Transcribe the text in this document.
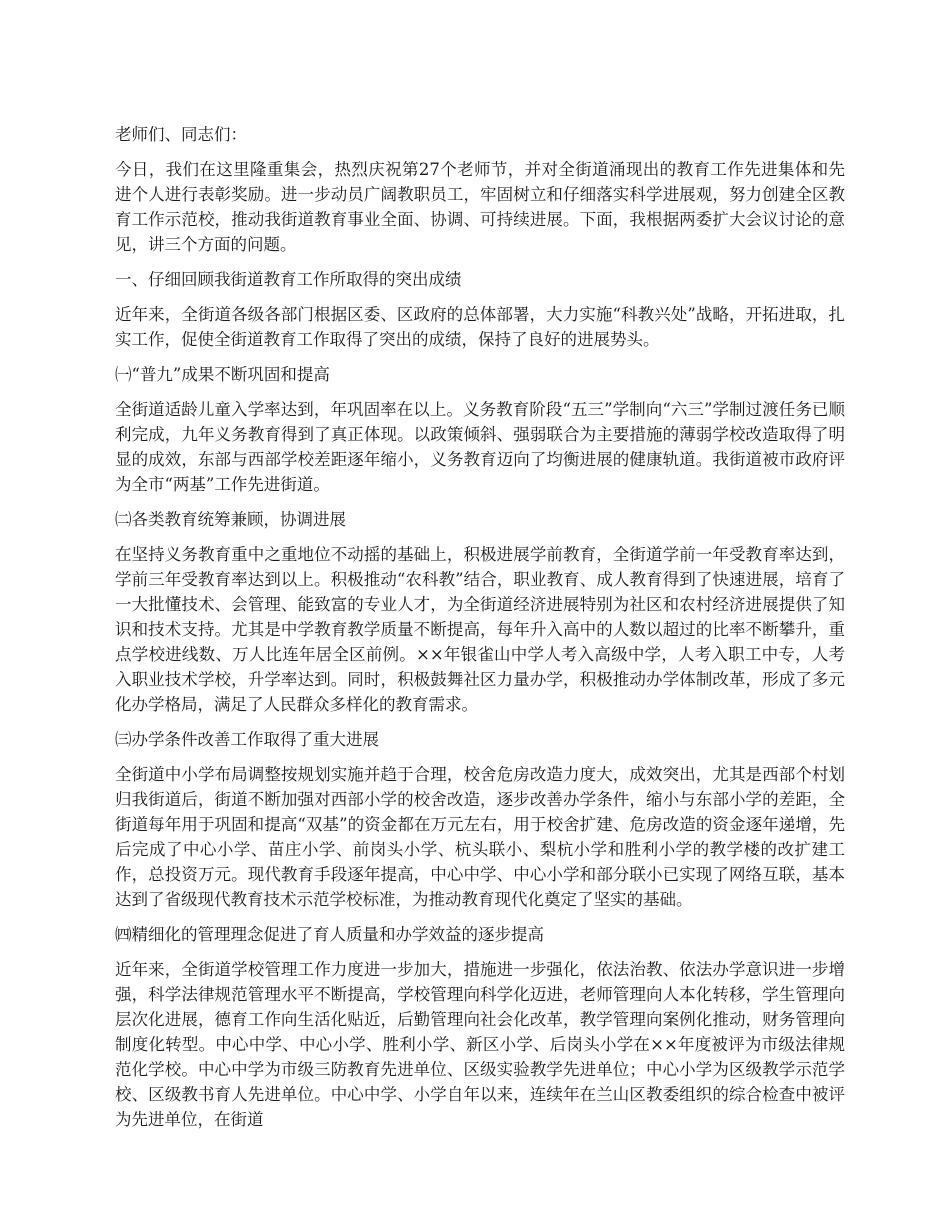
老师们、同志们：

今日，我们在这里隆重集会，热烈庆祝第27个老师节，并对全街道涌现出的教育工作先进集体和先进个人进行表彰奖励。进一步动员广阔教职员工，牢固树立和仔细落实科学进展观，努力创建全区教育工作示范校，推动我街道教育事业全面、协调、可持续进展。下面，我根据两委扩大会议讨论的意见，讲三个方面的问题。

一、仔细回顾我街道教育工作所取得的突出成绩

近年来，全街道各级各部门根据区委、区政府的总体部署，大力实施“科教兴处”战略，开拓进取，扎实工作，促使全街道教育工作取得了突出的成绩，保持了良好的进展势头。

㈠“普九”成果不断巩固和提高

全街道适龄儿童入学率达到，年巩固率在以上。义务教育阶段“五三”学制向“六三”学制过渡任务已顺利完成，九年义务教育得到了真正体现。以政策倾斜、强弱联合为主要措施的薄弱学校改造取得了明显的成效，东部与西部学校差距逐年缩小，义务教育迈向了均衡进展的健康轨道。我街道被市政府评为全市“两基”工作先进街道。

㈡各类教育统筹兼顾，协调进展

在坚持义务教育重中之重地位不动摇的基础上，积极进展学前教育，全街道学前一年受教育率达到，学前三年受教育率达到以上。积极推动“农科教”结合，职业教育、成人教育得到了快速进展，培育了一大批懂技术、会管理、能致富的专业人才，为全街道经济进展特别为社区和农村经济进展提供了知识和技术支持。尤其是中学教育教学质量不断提高，每年升入高中的人数以超过的比率不断攀升，重点学校进线数、万人比连年居全区前例。××年银雀山中学人考入高级中学，人考入职工中专，人考入职业技术学校，升学率达到。同时，积极鼓舞社区力量办学，积极推动办学体制改革，形成了多元化办学格局，满足了人民群众多样化的教育需求。

㈢办学条件改善工作取得了重大进展

全街道中小学布局调整按规划实施并趋于合理，校舍危房改造力度大，成效突出，尤其是西部个村划归我街道后，街道不断加强对西部小学的校舍改造，逐步改善办学条件，缩小与东部小学的差距，全街道每年用于巩固和提高“双基”的资金都在万元左右，用于校舍扩建、危房改造的资金逐年递增，先后完成了中心小学、苗庄小学、前岗头小学、杭头联小、梨杭小学和胜利小学的教学楼的改扩建工作，总投资万元。现代教育手段逐年提高，中心中学、中心小学和部分联小已实现了网络互联，基本达到了省级现代教育技术示范学校标准，为推动教育现代化奠定了坚实的基础。

㈣精细化的管理理念促进了育人质量和办学效益的逐步提高

近年来，全街道学校管理工作力度进一步加大，措施进一步强化，依法治教、依法办学意识进一步增强，科学法律规范管理水平不断提高，学校管理向科学化迈进，老师管理向人本化转移，学生管理向层次化进展，德育工作向生活化贴近，后勤管理向社会化改革，教学管理向案例化推动，财务管理向制度化转型。中心中学、中心小学、胜利小学、新区小学、后岗头小学在××年度被评为市级法律规范化学校。中心中学为市级三防教育先进单位、区级实验教学先进单位；中心小学为区级教学示范学校、区级教书育人先进单位。中心中学、小学自年以来，连续年在兰山区教委组织的综合检查中被评为先进单位，在街道
